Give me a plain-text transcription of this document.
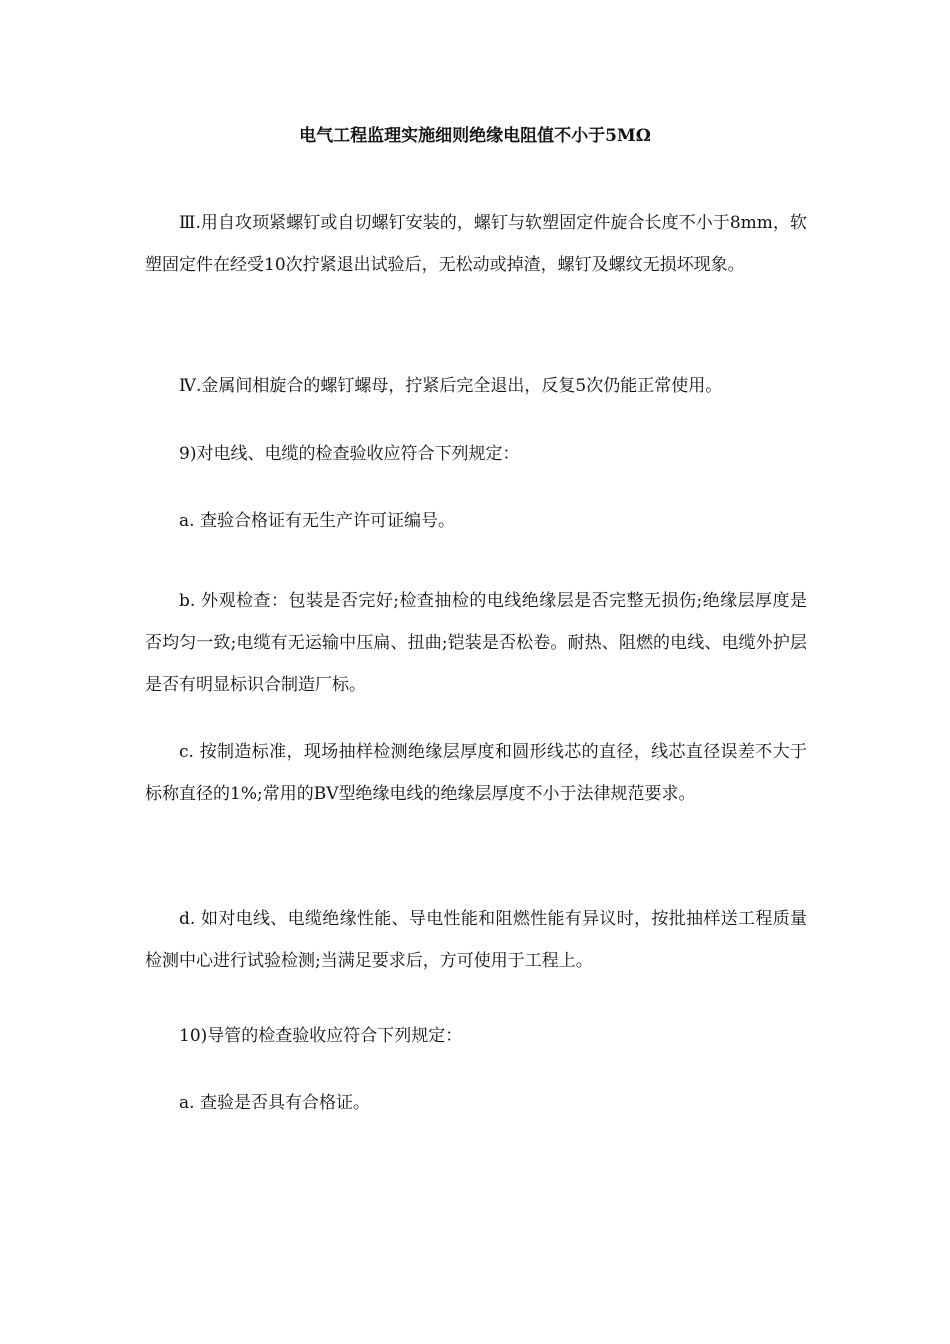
电气工程监理实施细则绝缘电阻值不小于5MΩ

Ⅲ.用自攻顼紧螺钉或自切螺钉安装的，螺钉与软塑固定件旋合长度不小于8mm，软塑固定件在经受10次拧紧退出试验后，无松动或掉渣，螺钉及螺纹无损坏现象。

Ⅳ.金属间相旋合的螺钉螺母，拧紧后完全退出，反复5次仍能正常使用。

9)对电线、电缆的检查验收应符合下列规定：

a. 查验合格证有无生产许可证编号。

b. 外观检查：包装是否完好;检查抽检的电线绝缘层是否完整无损伤;绝缘层厚度是否均匀一致;电缆有无运输中压扁、扭曲;铠装是否松卷。耐热、阻燃的电线、电缆外护层是否有明显标识合制造厂标。

c. 按制造标准，现场抽样检测绝缘层厚度和圆形线芯的直径，线芯直径误差不大于标称直径的1%;常用的BV型绝缘电线的绝缘层厚度不小于法律规范要求。

d. 如对电线、电缆绝缘性能、导电性能和阻燃性能有异议时，按批抽样送工程质量检测中心进行试验检测;当满足要求后，方可使用于工程上。

10)导管的检查验收应符合下列规定：

a. 查验是否具有合格证。
